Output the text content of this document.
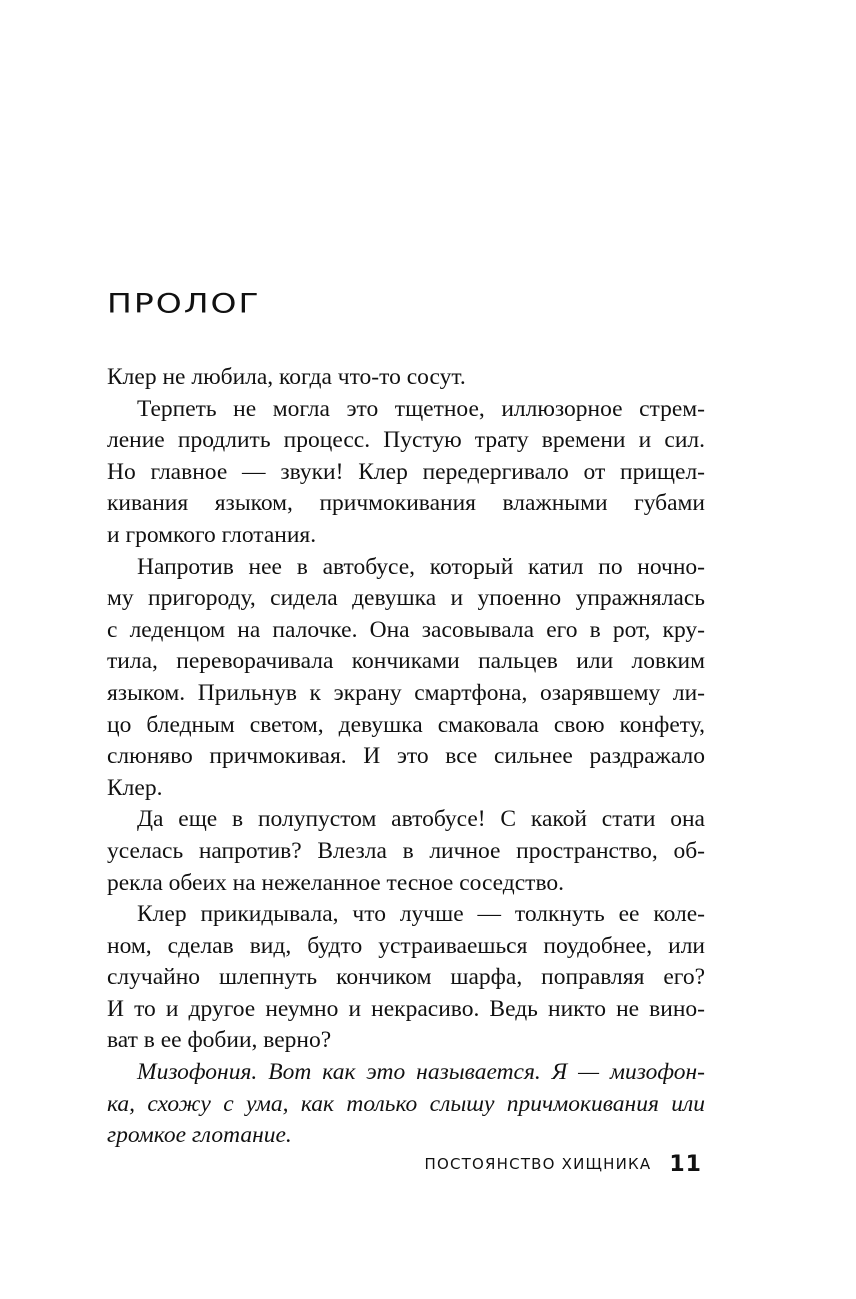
ПРОЛОГ
Клер не любила, когда что-то сосут.
Терпеть не могла это тщетное, иллюзорное стрем-
ление продлить процесс. Пустую трату времени и сил.
Но главное — звуки! Клер передергивало от прищел-
кивания языком, причмокивания влажными губами
и громкого глотания.
Напротив нее в автобусе, который катил по ночно-
му пригороду, сидела девушка и упоенно упражнялась
с леденцом на палочке. Она засовывала его в рот, кру-
тила, переворачивала кончиками пальцев или ловким
языком. Прильнув к экрану смартфона, озарявшему ли-
цо бледным светом, девушка смаковала свою конфету,
слюняво причмокивая. И это все сильнее раздражало
Клер.
Да еще в полупустом автобусе! С какой стати она
уселась напротив? Влезла в личное пространство, об-
рекла обеих на нежеланное тесное соседство.
Клер прикидывала, что лучше — толкнуть ее коле-
ном, сделав вид, будто устраиваешься поудобнее, или
случайно шлепнуть кончиком шарфа, поправляя его?
И то и другое неумно и некрасиво. Ведь никто не вино-
ват в ее фобии, верно?
Мизофония. Вот как это называется. Я — мизофон-
ка, схожу с ума, как только слышу причмокивания или
громкое глотание.
ПОСТОЯНСТВО ХИЩНИКА 11
